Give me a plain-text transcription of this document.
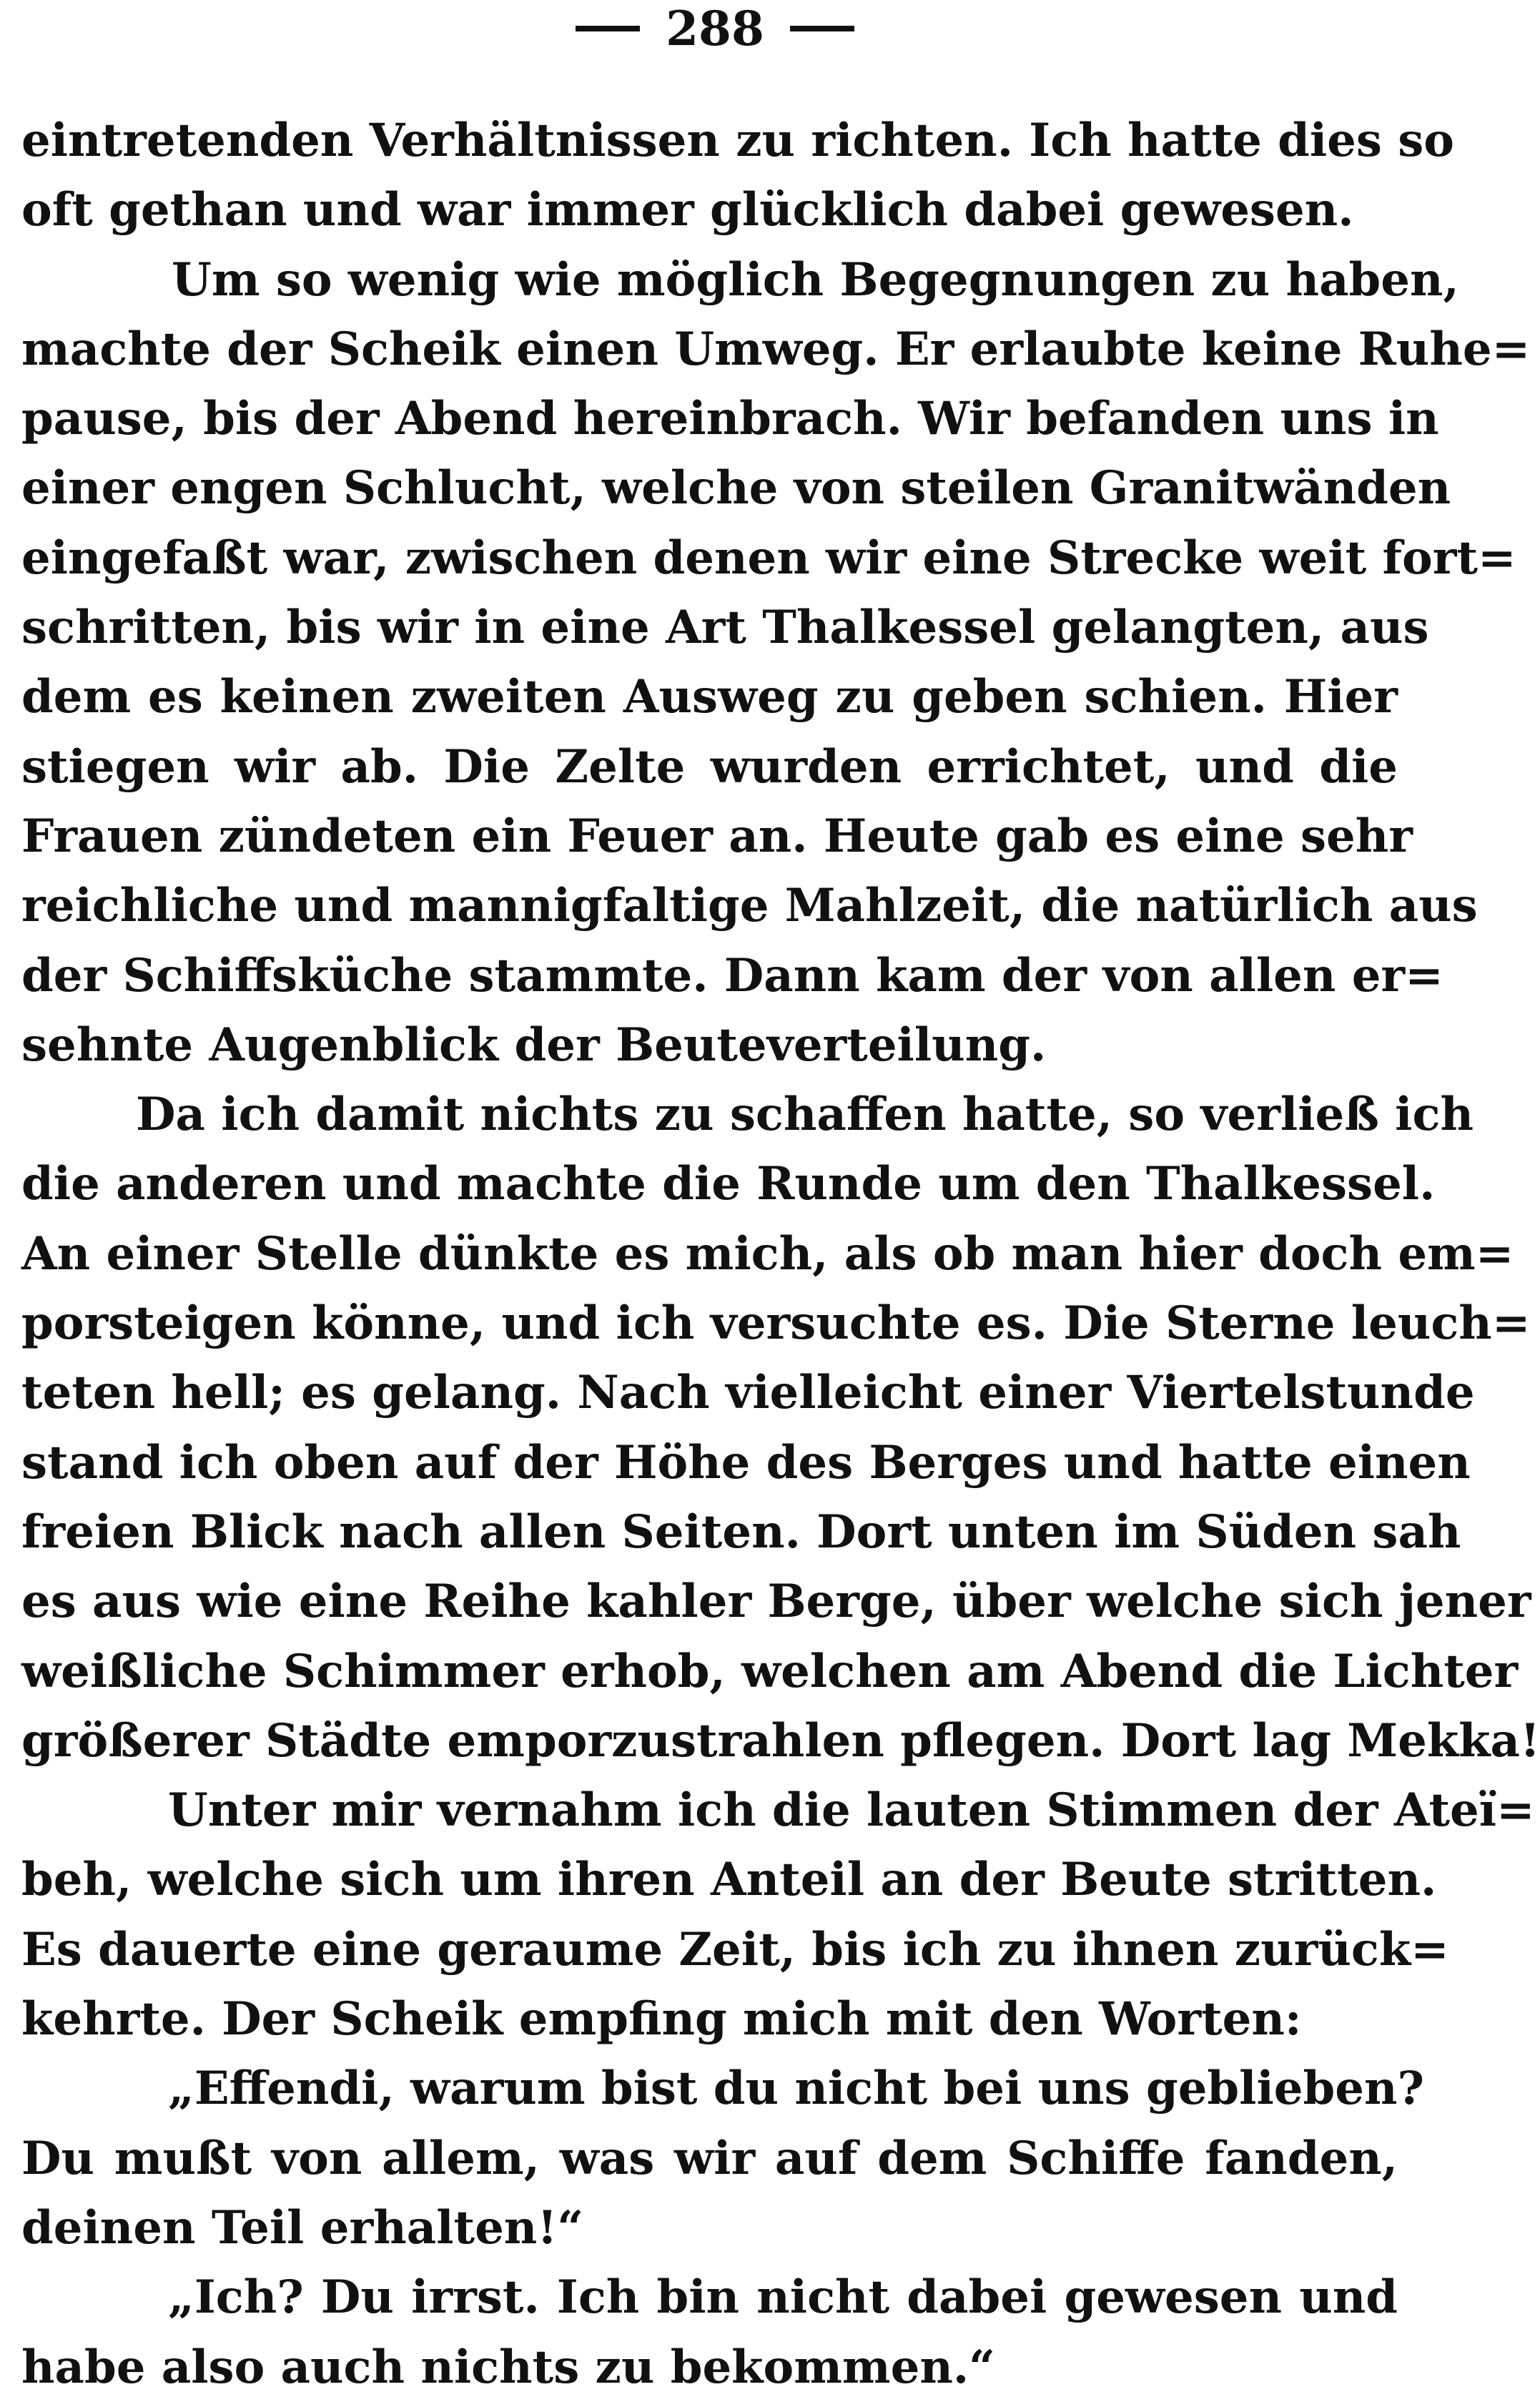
288
eintretenden Verhältnissen zu richten. Ich hatte dies so
oft gethan und war immer glücklich dabei gewesen.
Um so wenig wie möglich Begegnungen zu haben,
machte der Scheik einen Umweg. Er erlaubte keine Ruhe=
pause, bis der Abend hereinbrach. Wir befanden uns in
einer engen Schlucht, welche von steilen Granitwänden
eingefaßt war, zwischen denen wir eine Strecke weit fort=
schritten, bis wir in eine Art Thalkessel gelangten, aus
dem es keinen zweiten Ausweg zu geben schien. Hier
stiegen wir ab. Die Zelte wurden errichtet, und die
Frauen zündeten ein Feuer an. Heute gab es eine sehr
reichliche und mannigfaltige Mahlzeit, die natürlich aus
der Schiffsküche stammte. Dann kam der von allen er=
sehnte Augenblick der Beuteverteilung.
Da ich damit nichts zu schaffen hatte, so verließ ich
die anderen und machte die Runde um den Thalkessel.
An einer Stelle dünkte es mich, als ob man hier doch em=
porsteigen könne, und ich versuchte es. Die Sterne leuch=
teten hell; es gelang. Nach vielleicht einer Viertelstunde
stand ich oben auf der Höhe des Berges und hatte einen
freien Blick nach allen Seiten. Dort unten im Süden sah
es aus wie eine Reihe kahler Berge, über welche sich jener
weißliche Schimmer erhob, welchen am Abend die Lichter
größerer Städte emporzustrahlen pflegen. Dort lag Mekka!
Unter mir vernahm ich die lauten Stimmen der Ateï=
beh, welche sich um ihren Anteil an der Beute stritten.
Es dauerte eine geraume Zeit, bis ich zu ihnen zurück=
kehrte. Der Scheik empfing mich mit den Worten:
„Effendi, warum bist du nicht bei uns geblieben?
Du mußt von allem, was wir auf dem Schiffe fanden,
deinen Teil erhalten!“
„Ich? Du irrst. Ich bin nicht dabei gewesen und
habe also auch nichts zu bekommen.“
